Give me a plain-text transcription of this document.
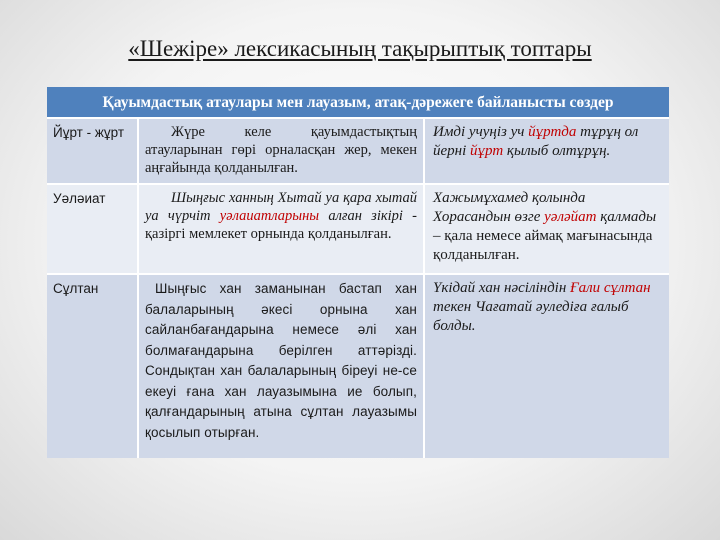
«Шежіре» лексикасының тақырыптық топтары
Қауымдастық атаулары мен лауазым, атақ-дәрежеге байланысты сөздер		
Йұрт - жұрт	Жүре келе қауымдастықтың атауларынан гөрі орналасқан жер, мекен аңғайында қолданылған.	Имді учуңіз уч йұртда тұрұң ол йерні йұрт қылыб олтұрұң.
Уәләиат	Шыңғыс ханның Хытай уа қара хытай уа чүрчіт уәлаиатларыны алған зікірі - қазіргі мемлекет орнында қолданылған.	Хажымұхамед қолында Хорасандын өзге уәләйат қалмады – қала немесе аймақ мағынасында қолданылған.
Сұлтан	Шыңғыс хан заманынан бастап хан балаларының әкесі орнына хан сайланбағандарына немесе әлі хан болмағандарына берілген аттәрізді. Сондықтан хан балаларының біреуі не-се екеуі ғана хан лауазымына ие болып, қалғандарының атына сұлтан лауазымы қосылып отырған.	Үкідай хан нәсіліндін Ғали сұлтан текен Чағатай әуледіға ғалыб болды.
